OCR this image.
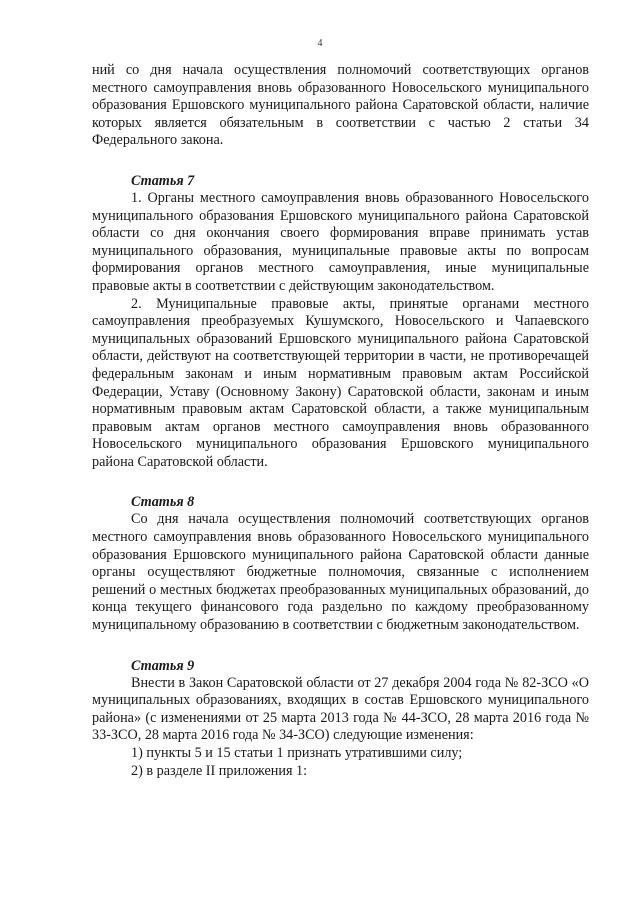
4

ний со дня начала осуществления полномочий соответствующих органов местного самоуправления вновь образованного Новосельского муниципального образования Ершовского муниципального района Саратовской области, наличие которых является обязательным в соответствии с частью 2 статьи 34 Федерального закона.

Статья 7

1. Органы местного самоуправления вновь образованного Новосельского муниципального образования Ершовского муниципального района Саратовской области со дня окончания своего формирования вправе принимать устав муниципального образования, муниципальные правовые акты по вопросам формирования органов местного самоуправления, иные муниципальные правовые акты в соответствии с действующим законодательством.

2. Муниципальные правовые акты, принятые органами местного самоуправления преобразуемых Кушумского, Новосельского и Чапаевского муниципальных образований Ершовского муниципального района Саратовской области, действуют на соответствующей территории в части, не противоречащей федеральным законам и иным нормативным правовым актам Российской Федерации, Уставу (Основному Закону) Саратовской области, законам и иным нормативным правовым актам Саратовской области, а также муниципальным правовым актам органов местного самоуправления вновь образованного Новосельского муниципального образования Ершовского муниципального района Саратовской области.

Статья 8

Со дня начала осуществления полномочий соответствующих органов местного самоуправления вновь образованного Новосельского муниципального образования Ершовского муниципального района Саратовской области данные органы осуществляют бюджетные полномочия, связанные с исполнением решений о местных бюджетах преобразованных муниципальных образований, до конца текущего финансового года раздельно по каждому преобразованному муниципальному образованию в соответствии с бюджетным законодательством.

Статья 9

Внести в Закон Саратовской области от 27 декабря 2004 года № 82-ЗСО «О муниципальных образованиях, входящих в состав Ершовского муниципального района» (с изменениями от 25 марта 2013 года № 44-ЗСО, 28 марта 2016 года № 33-ЗСО, 28 марта 2016 года № 34-ЗСО) следующие изменения:

1) пункты 5 и 15 статьи 1 признать утратившими силу;

2) в разделе II приложения 1:
